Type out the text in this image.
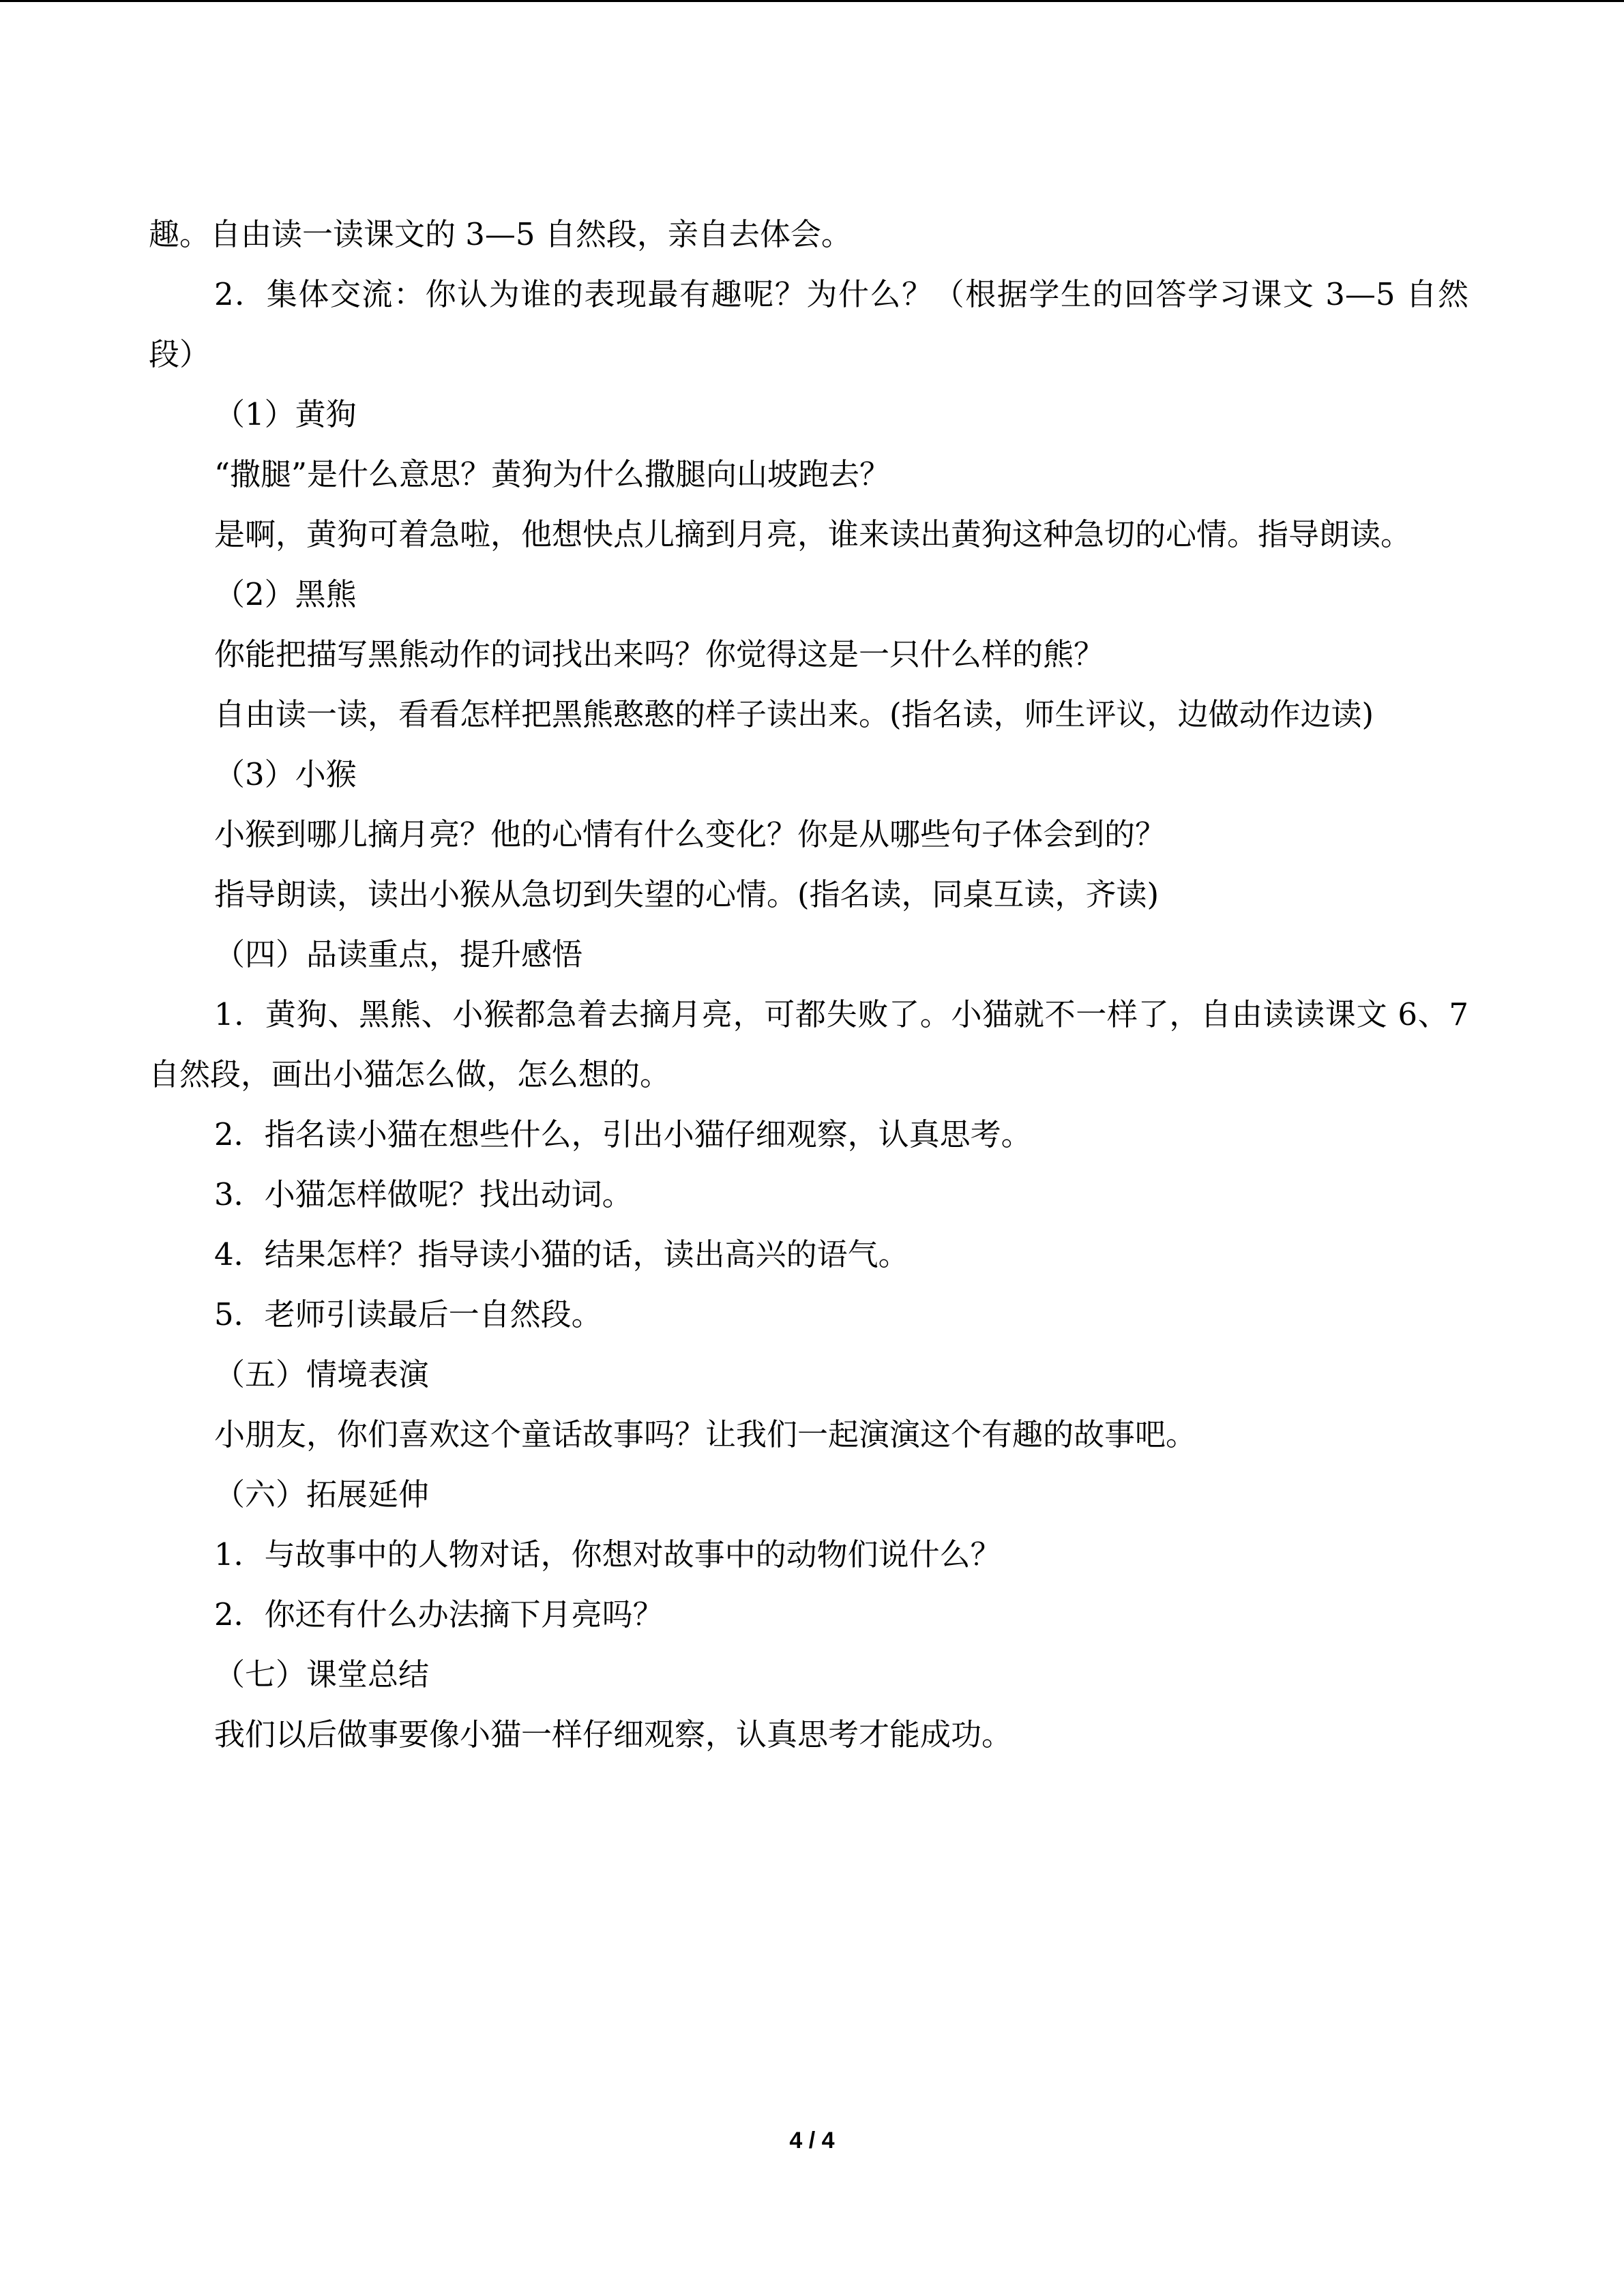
趣。自由读一读课文的 3—5 自然段，亲自去体会。

2．集体交流：你认为谁的表现最有趣呢？为什么？（根据学生的回答学习课文 3—5 自然段）

（1）黄狗

“撒腿”是什么意思？黄狗为什么撒腿向山坡跑去？

是啊，黄狗可着急啦，他想快点儿摘到月亮，谁来读出黄狗这种急切的心情。指导朗读。

（2）黑熊

你能把描写黑熊动作的词找出来吗？你觉得这是一只什么样的熊？

自由读一读，看看怎样把黑熊憨憨的样子读出来。(指名读，师生评议，边做动作边读)

（3）小猴

小猴到哪儿摘月亮？他的心情有什么变化？你是从哪些句子体会到的？

指导朗读，读出小猴从急切到失望的心情。(指名读，同桌互读，齐读)

（四）品读重点，提升感悟

1．黄狗、黑熊、小猴都急着去摘月亮，可都失败了。小猫就不一样了，自由读读课文 6、7 自然段，画出小猫怎么做，怎么想的。

2．指名读小猫在想些什么，引出小猫仔细观察，认真思考。

3．小猫怎样做呢？找出动词。

4．结果怎样？指导读小猫的话，读出高兴的语气。

5．老师引读最后一自然段。

（五）情境表演

小朋友，你们喜欢这个童话故事吗？让我们一起演演这个有趣的故事吧。

（六）拓展延伸

1．与故事中的人物对话，你想对故事中的动物们说什么？

2．你还有什么办法摘下月亮吗？

（七）课堂总结

我们以后做事要像小猫一样仔细观察，认真思考才能成功。

4 / 4
